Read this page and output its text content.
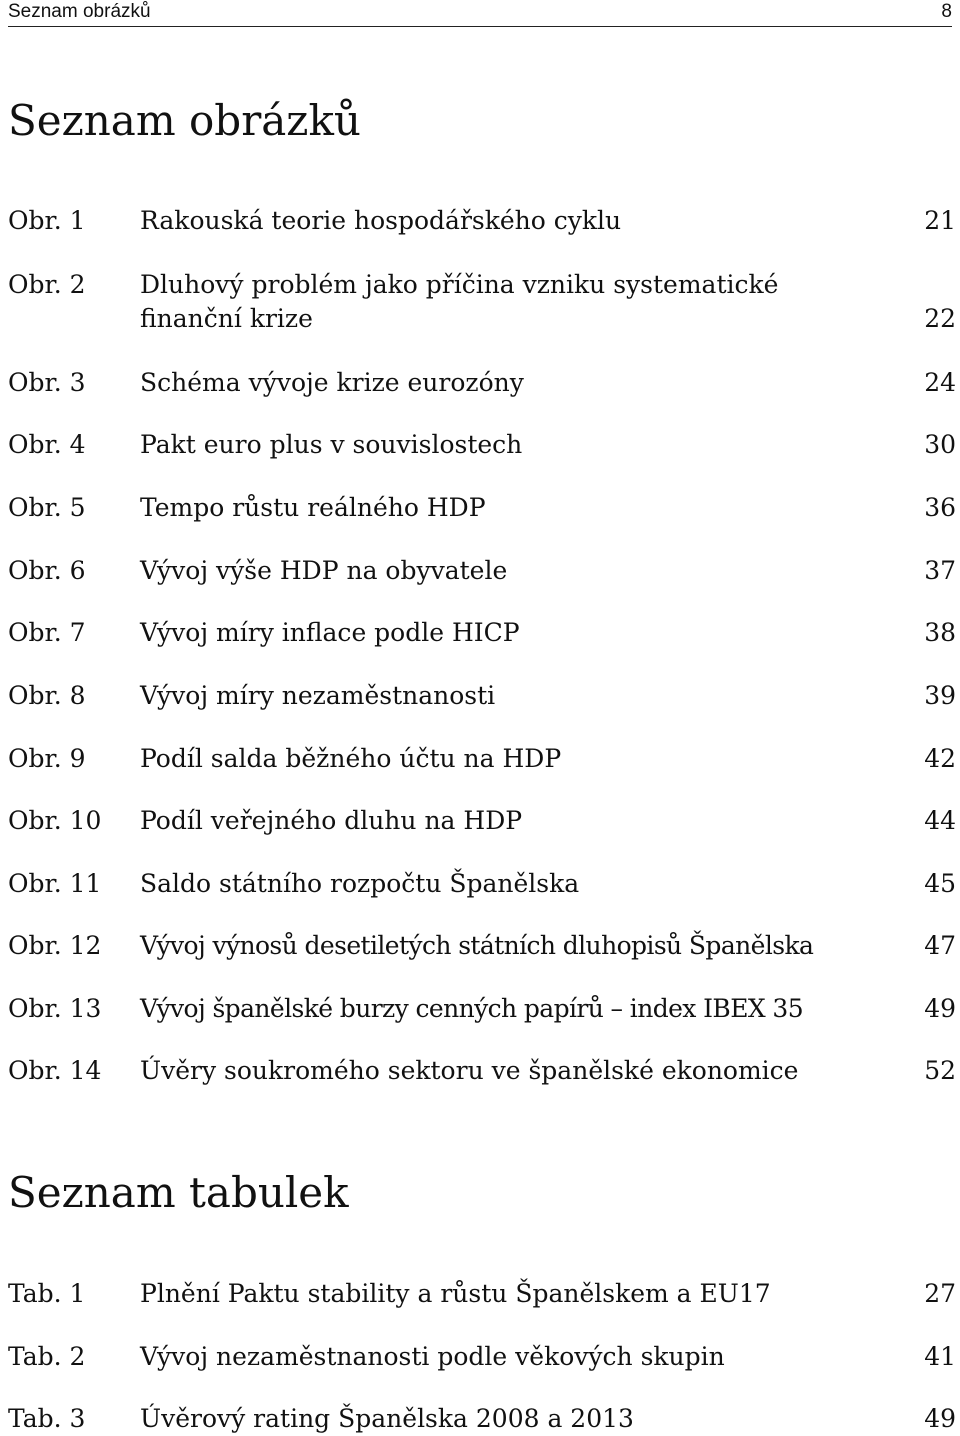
Seznam obrázků	8
Seznam obrázků
Obr. 1 Rakouská teorie hospodářského cyklu	21
Obr. 2 Dluhový problém jako příčina vzniku systematické
finanční krize	22
Obr. 3 Schéma vývoje krize eurozóny	24
Obr. 4 Pakt euro plus v souvislostech	30
Obr. 5 Tempo růstu reálného HDP	36
Obr. 6 Vývoj výše HDP na obyvatele	37
Obr. 7 Vývoj míry inflace podle HICP	38
Obr. 8 Vývoj míry nezaměstnanosti	39
Obr. 9 Podíl salda běžného účtu na HDP	42
Obr. 10 Podíl veřejného dluhu na HDP	44
Obr. 11 Saldo státního rozpočtu Španělska	45
Obr. 12 Vývoj výnosů desetiletých státních dluhopisů Španělska	47
Obr. 13 Vývoj španělské burzy cenných papírů – index IBEX 35	49
Obr. 14 Úvěry soukromého sektoru ve španělské ekonomice	52
Seznam tabulek
Tab. 1 Plnění Paktu stability a růstu Španělskem a EU17	27
Tab. 2 Vývoj nezaměstnanosti podle věkových skupin	41
Tab. 3 Úvěrový rating Španělska 2008 a 2013	49
